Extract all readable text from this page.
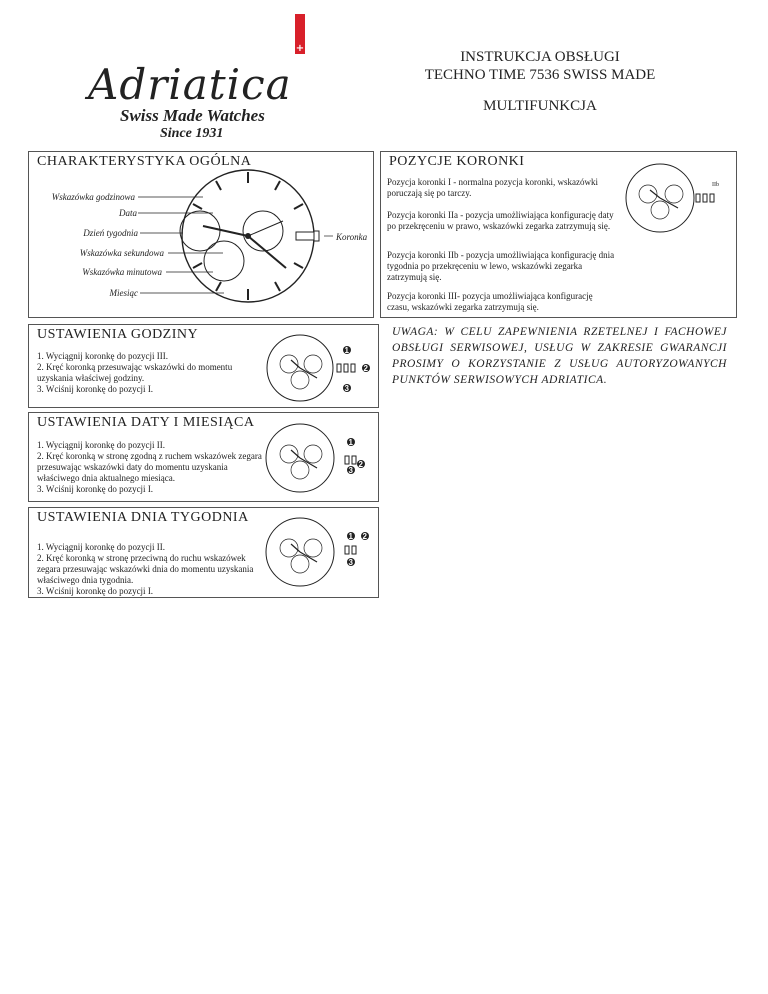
+
Adriatica
Swiss Made Watches
Since 1931
INSTRUKCJA OBSŁUGI
TECHNO TIME 7536 SWISS MADE
MULTIFUNKCJA
CHARAKTERYSTYKA OGÓLNA
Wskazówka godzinowa
Data
Dzień tygodnia
Wskazówka sekundowa
Wskazówka minutowa
Miesiąc
Koronka
POZYCJE KORONKI
Pozycja koronki I - normalna pozycja koronki, wskazówki poruczają się po tarczy.
Pozycja koronki IIa - pozycja umożliwiająca konfigurację daty po przekręceniu w prawo, wskazówki zegarka zatrzymują się.
Pozycja koronki IIb - pozycja umożliwiająca konfigurację dnia tygodnia po przekręceniu w lewo, wskazówki zegarka zatrzymują się.
Pozycja koronki III- pozycja umożliwiająca konfigurację czasu, wskazówki zegarka zatrzymują się.
IIb
USTAWIENIA GODZINY
1. Wyciągnij koronkę do pozycji III.
2. Kręć koronką przesuwając wskazówki do momentu uzyskania właściwej godziny.
3. Wciśnij koronkę do pozycji I.
1
2
3
USTAWIENIA DATY I MIESIĄCA
1. Wyciągnij koronkę do pozycji II.
2. Kręć koronką w stronę zgodną z ruchem wskazówek zegara przesuwając wskazówki daty do momentu uzyskania właściwego dnia aktualnego miesiąca.
3. Wciśnij koronkę do pozycji I.
1
2
3
USTAWIENIA DNIA TYGODNIA
1. Wyciągnij koronkę do pozycji II.
2. Kręć koronką w stronę przeciwną do ruchu wskazówek zegara przesuwając wskazówki dnia do momentu uzyskania właściwego dnia tygodnia.
3. Wciśnij koronkę do pozycji I.
1 2
3
UWAGA: W CELU ZAPEWNIENIA RZETELNEJ I FACHOWEJ OBSŁUGI SERWISOWEJ, USŁUG W ZAKRESIE GWARANCJI PROSIMY O KORZYSTANIE Z USŁUG AUTORYZOWANYCH PUNKTÓW SERWISOWYCH ADRIATICA.
